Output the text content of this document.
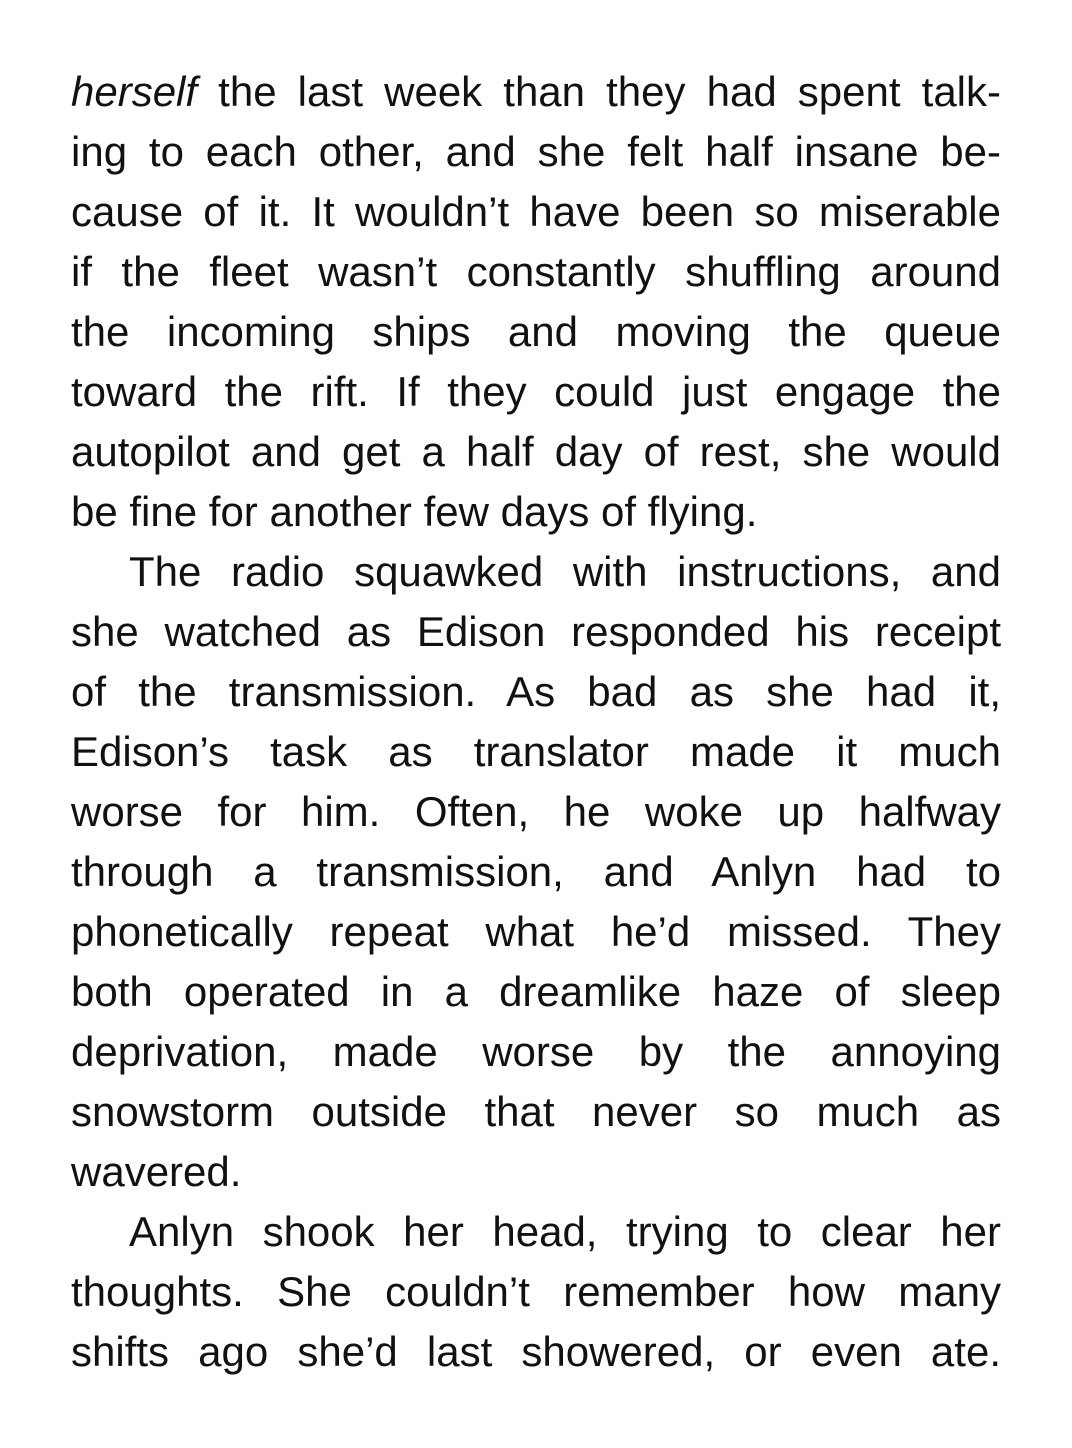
herself the last week than they had spent talk-
ing to each other, and she felt half insane be-
cause of it. It wouldn’t have been so miserable
if the fleet wasn’t constantly shuffling around
the incoming ships and moving the queue
toward the rift. If they could just engage the
autopilot and get a half day of rest, she would
be fine for another few days of flying.
The radio squawked with instructions, and
she watched as Edison responded his receipt
of the transmission. As bad as she had it,
Edison’s task as translator made it much
worse for him. Often, he woke up halfway
through a transmission, and Anlyn had to
phonetically repeat what he’d missed. They
both operated in a dreamlike haze of sleep
deprivation, made worse by the annoying
snowstorm outside that never so much as
wavered.
Anlyn shook her head, trying to clear her
thoughts. She couldn’t remember how many
shifts ago she’d last showered, or even ate.
